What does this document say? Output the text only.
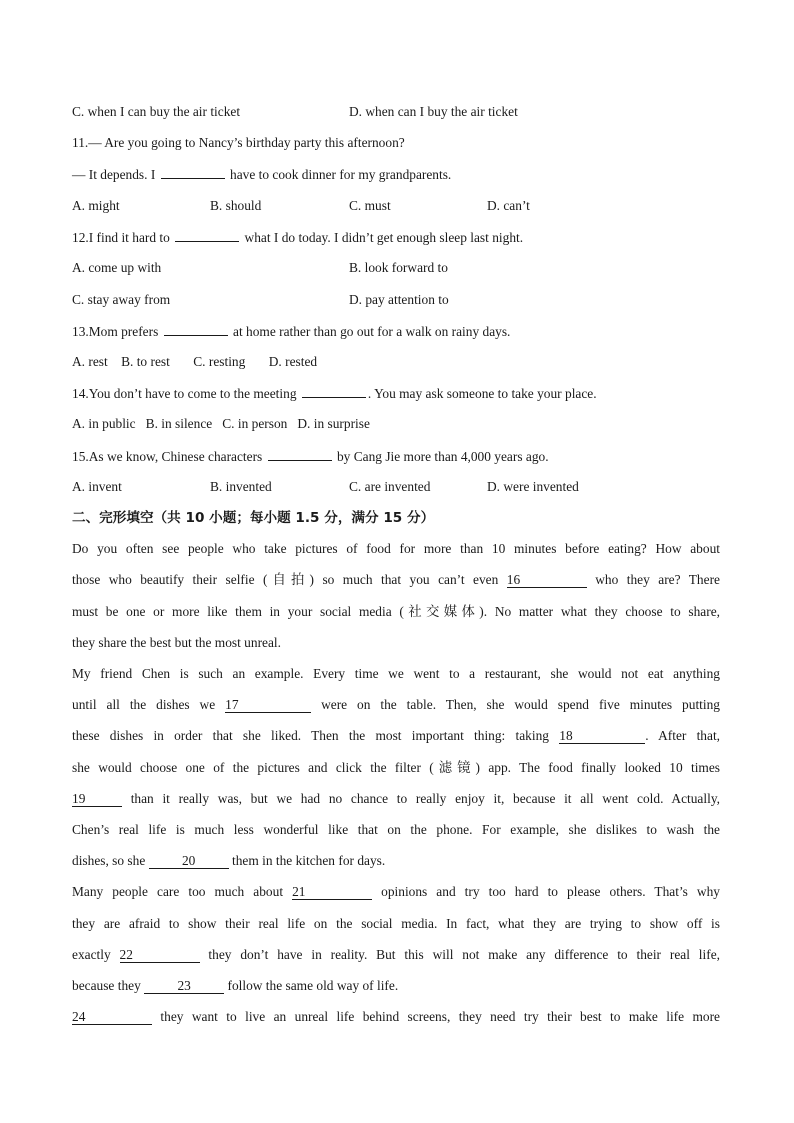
C. when I can buy the air ticket	D. when can I buy the air ticket
11.— Are you going to Nancy’s birthday party this afternoon?
— It depends. I	have to cook dinner for my grandparents.
A. might	B. should	C. must	D. can’t
12.I find it hard to	what I do today. I didn’t get enough sleep last night.
A. come up with	B. look forward to
C. stay away from	D. pay attention to
13.Mom prefers	at home rather than go out for a walk on rainy days.
A. rest    B. to rest       C. resting       D. rested
14.You don’t have to come to the meeting	. You may ask someone to take your place.
A. in public   B. in silence   C. in person   D. in surprise
15.As we know, Chinese characters	by Cang Jie more than 4,000 years ago.
A. invent	B. invented	C. are invented	D. were invented
二、完形填空（共 10 小题；每小题 1.5 分，满分 15 分）
Do you often see people who take pictures of food for more than 10 minutes before eating? How about
those who beautify their selfie (自拍) so much that you can’t even 16	who they are? There
must be one or more like them in your social media (社交媒体). No matter what they choose to share,
they share the best but the most unreal.
My friend Chen is such an example. Every time we went to a restaurant, she would not eat anything
until all the dishes we 17	were on the table. Then, she would spend five minutes putting
these dishes in order that she liked. Then the most important thing: taking 18	. After that,
she would choose one of the pictures and click the filter (滤镜) app. The food finally looked 10 times
19	than it really was, but we had no chance to really enjoy it, because it all went cold. Actually,
Chen’s real life is much less wonderful like that on the phone. For example, she dislikes to wash the
dishes, so she	20	them in the kitchen for days.
Many people care too much about 21	opinions and try too hard to please others. That’s why
they are afraid to show their real life on the social media. In fact, what they are trying to show off is
exactly 22	they don’t have in reality. But this will not make any difference to their real life,
because they	23	follow the same old way of life.
24	they want to live an unreal life behind screens, they need try their best to make life more
